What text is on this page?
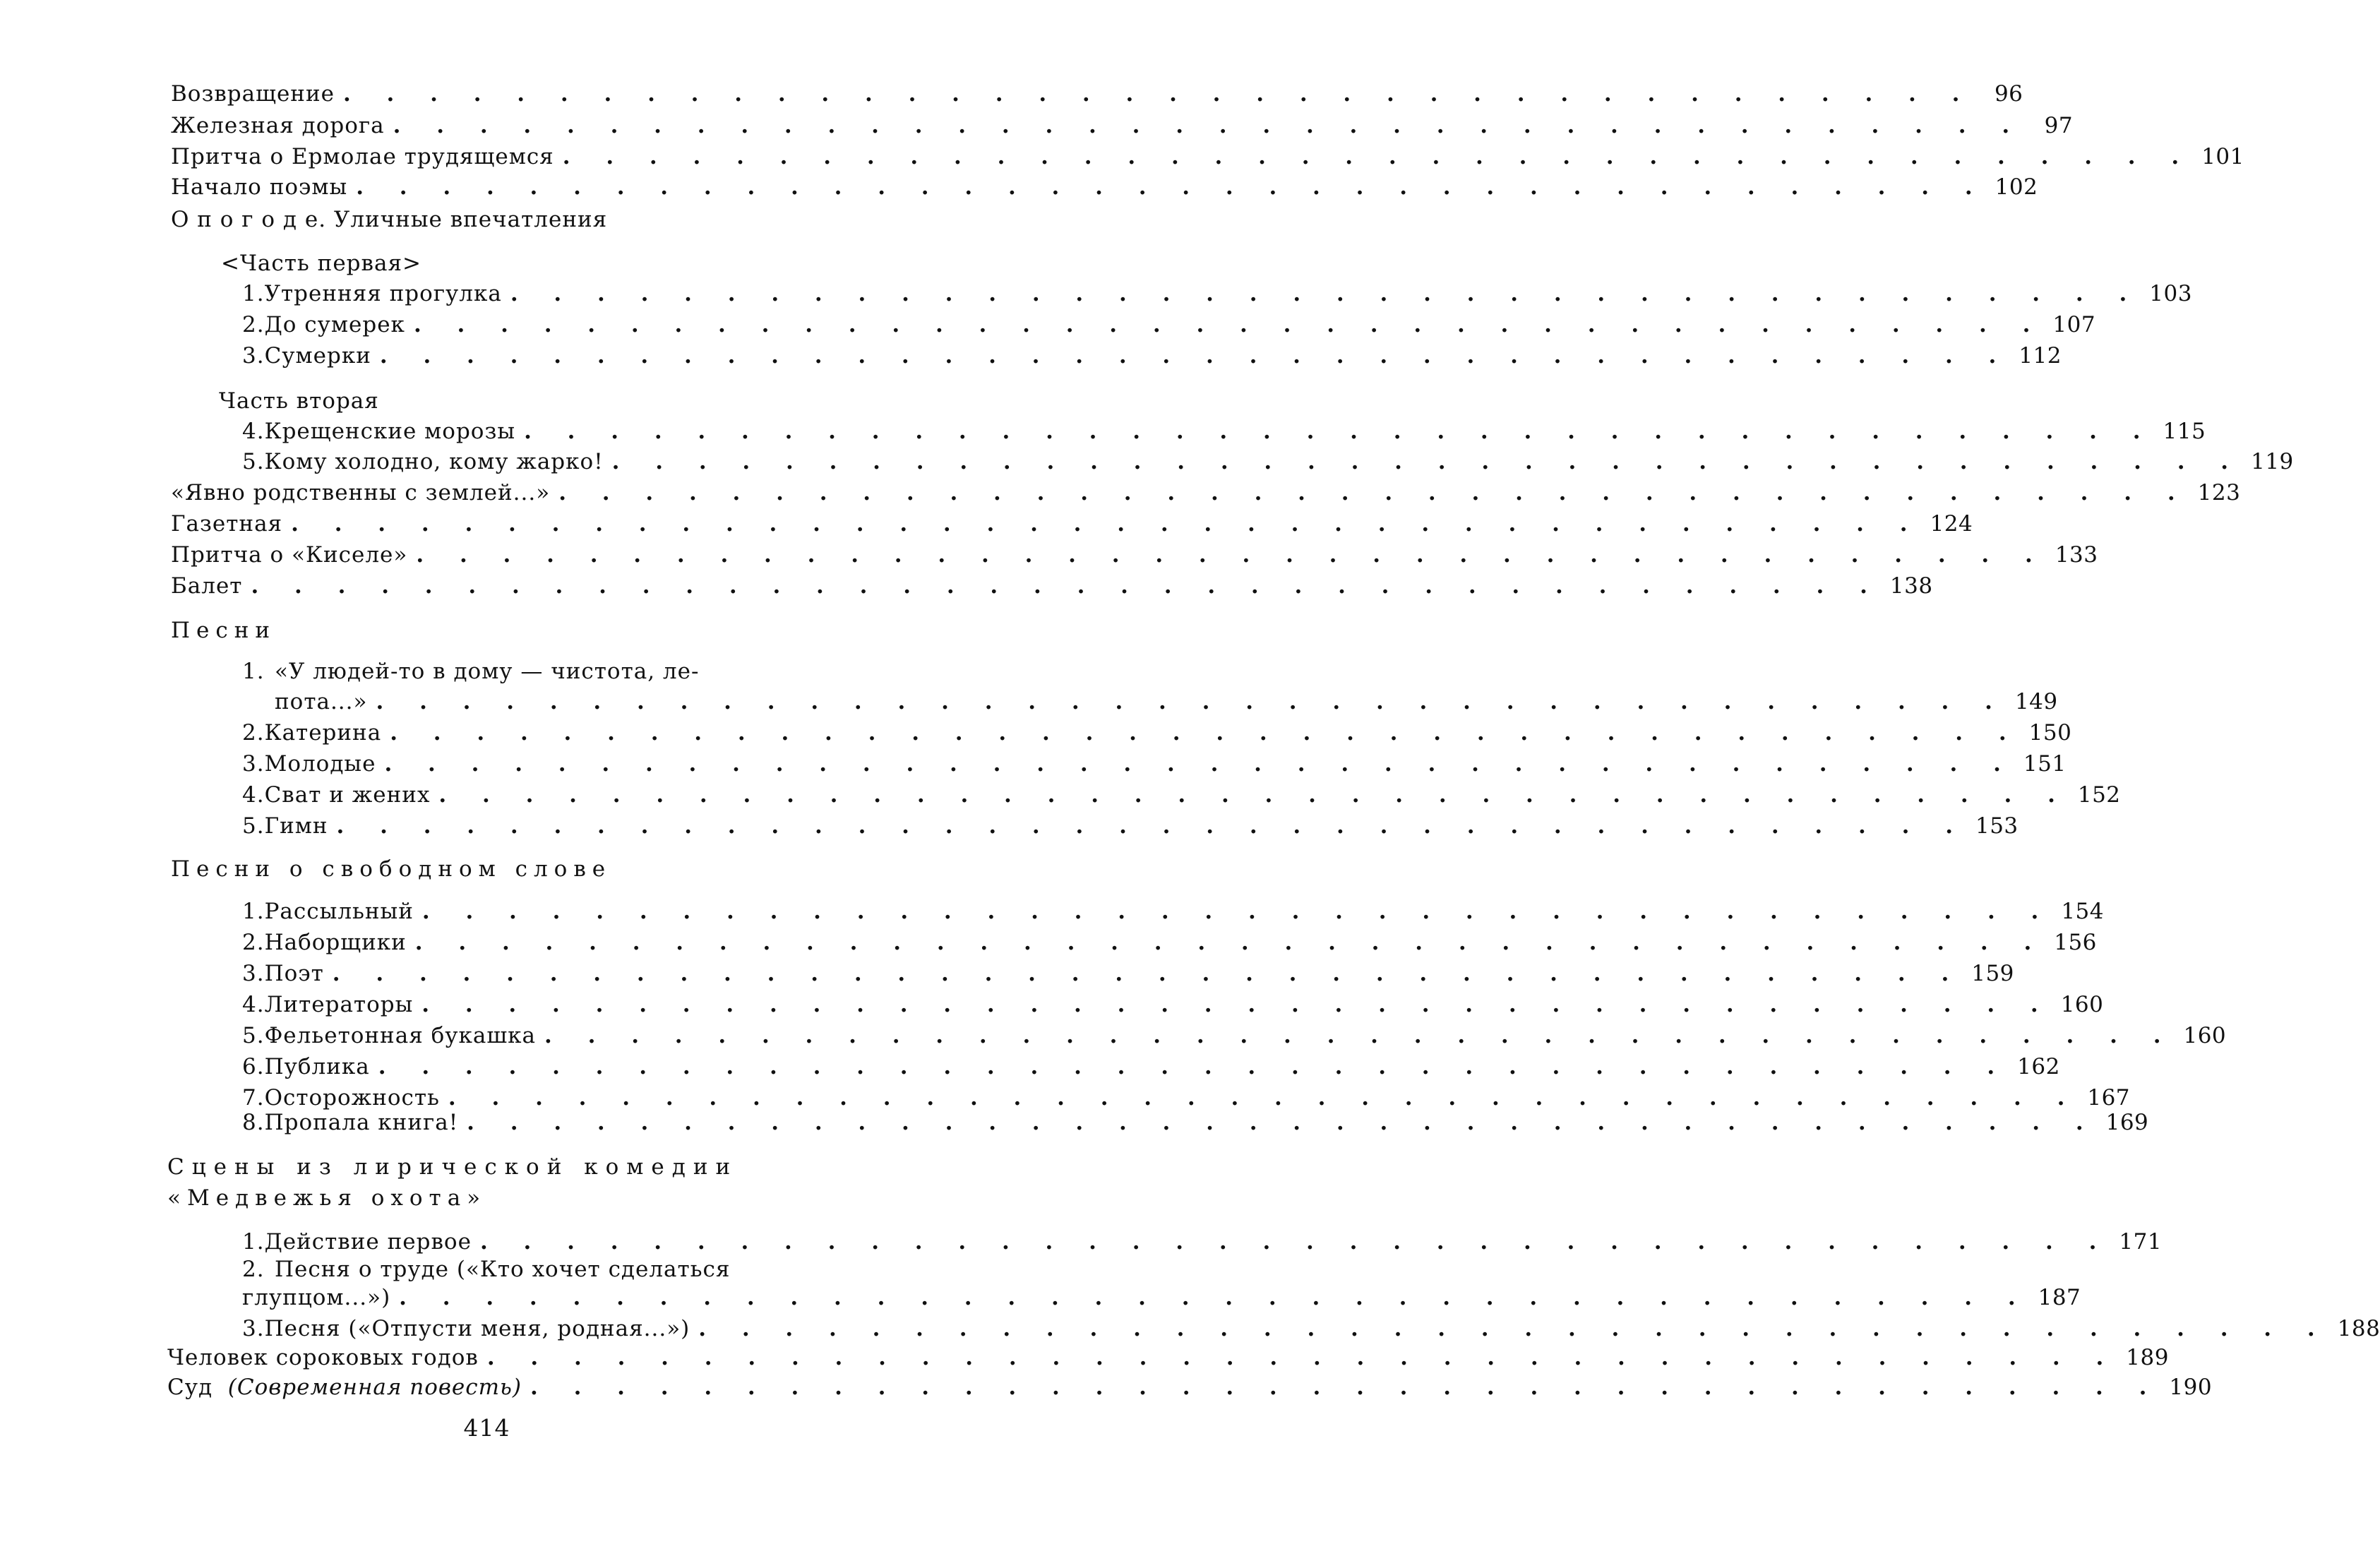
Возвращение . . . . . . . . . . . . . . . . . . . . . . . . . . . . . . . . . . . . . . 96
Железная дорога . . . . . . . . . . . . . . . . . . . . . . . . . . . . . . . . . . . . . . 97
Притча о Ермолае трудящемся . . . . . . . . . . . . . . . . . . . . . . . . . . . . . . . . . . . . . . 101
Начало поэмы . . . . . . . . . . . . . . . . . . . . . . . . . . . . . . . . . . . . . . 102
О п о г о д е. Уличные впечатления
<Часть первая>
1. Утренняя прогулка . . . . . . . . . . . . . . . . . . . . . . . . . . . . . . . . . . . . . . 103
2. До сумерек . . . . . . . . . . . . . . . . . . . . . . . . . . . . . . . . . . . . . . 107
3. Сумерки . . . . . . . . . . . . . . . . . . . . . . . . . . . . . . . . . . . . . . 112
Часть вторая
4. Крещенские морозы . . . . . . . . . . . . . . . . . . . . . . . . . . . . . . . . . . . . . . 115
5. Кому холодно, кому жарко! . . . . . . . . . . . . . . . . . . . . . . . . . . . . . . . . . . . . . . 119
«Явно родственны с землей...» . . . . . . . . . . . . . . . . . . . . . . . . . . . . . . . . . . . . . . 123
Газетная . . . . . . . . . . . . . . . . . . . . . . . . . . . . . . . . . . . . . . 124
Притча о «Киселе» . . . . . . . . . . . . . . . . . . . . . . . . . . . . . . . . . . . . . . 133
Балет . . . . . . . . . . . . . . . . . . . . . . . . . . . . . . . . . . . . . . 138
Песни
1. «У людей-то в дому — чистота, ле-
пота...» . . . . . . . . . . . . . . . . . . . . . . . . . . . . . . . . . . . . . . 149
2. Катерина . . . . . . . . . . . . . . . . . . . . . . . . . . . . . . . . . . . . . . 150
3. Молодые . . . . . . . . . . . . . . . . . . . . . . . . . . . . . . . . . . . . . . 151
4. Сват и жених . . . . . . . . . . . . . . . . . . . . . . . . . . . . . . . . . . . . . . 152
5. Гимн . . . . . . . . . . . . . . . . . . . . . . . . . . . . . . . . . . . . . . 153
Песни о свободном слове
1. Рассыльный . . . . . . . . . . . . . . . . . . . . . . . . . . . . . . . . . . . . . . 154
2. Наборщики . . . . . . . . . . . . . . . . . . . . . . . . . . . . . . . . . . . . . . 156
3. Поэт . . . . . . . . . . . . . . . . . . . . . . . . . . . . . . . . . . . . . . 159
4. Литераторы . . . . . . . . . . . . . . . . . . . . . . . . . . . . . . . . . . . . . . 160
5. Фельетонная букашка . . . . . . . . . . . . . . . . . . . . . . . . . . . . . . . . . . . . . . 160
6. Публика . . . . . . . . . . . . . . . . . . . . . . . . . . . . . . . . . . . . . . 162
7. Осторожность . . . . . . . . . . . . . . . . . . . . . . . . . . . . . . . . . . . . . . 167
8. Пропала книга! . . . . . . . . . . . . . . . . . . . . . . . . . . . . . . . . . . . . . . 169
Сцены из лирической комедии
«Медвежья охота»
1. Действие первое . . . . . . . . . . . . . . . . . . . . . . . . . . . . . . . . . . . . . . 171
2. Песня о труде («Кто хочет сделаться
глупцом...») . . . . . . . . . . . . . . . . . . . . . . . . . . . . . . . . . . . . . . 187
3. Песня («Отпусти меня, родная...») . . . . . . . . . . . . . . . . . . . . . . . . . . . . . . . . . . . . . . 188
Человек сороковых годов . . . . . . . . . . . . . . . . . . . . . . . . . . . . . . . . . . . . . . 189
Суд (Современная повесть) . . . . . . . . . . . . . . . . . . . . . . . . . . . . . . . . . . . . . . 190
414
